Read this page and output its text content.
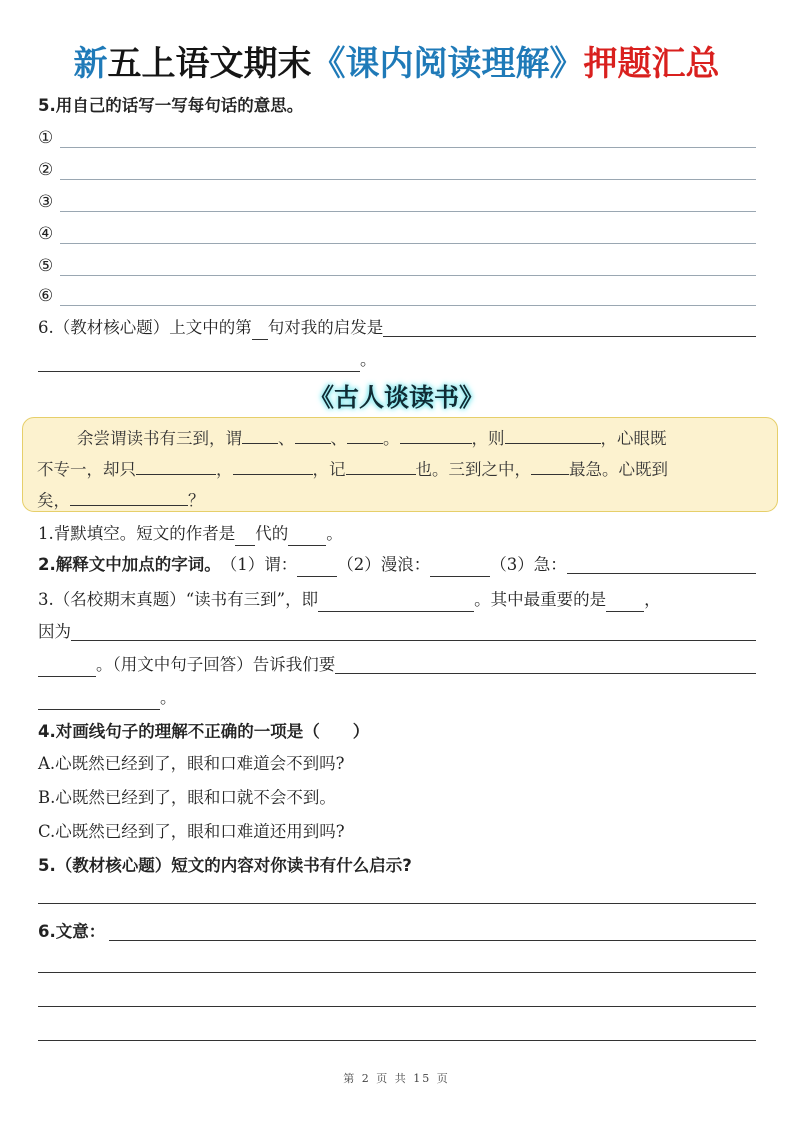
新五上语文期末《课内阅读理解》押题汇总
5.用自己的话写一写每句话的意思。
①
②
③
④
⑤
⑥
6.（教材核心题）上文中的第 句对我的启发是
。
《古人谈读书》
余尝谓读书有三到，谓 、 、 。	，则	，心眼既
不专一，却只	，	，记	也。三到之中， 最急。心既到
矣，	？
1.背默填空。短文的作者是 代的 。
2.解释文中加点的字词。 （1）谓： （2）漫浪：	（3）急：
3.（名校期末真题）“读书有三到”，即	。其中最重要的是 ，
因为
。（用文中句子回答）告诉我们要
。
4.对画线句子的理解不正确的一项是（　　）
A.心既然已经到了，眼和口难道会不到吗?
B.心既然已经到了，眼和口就不会不到。
C.心既然已经到了，眼和口难道还用到吗?
5.（教材核心题）短文的内容对你读书有什么启示?
6.文意：
第 2 页 共 15 页
